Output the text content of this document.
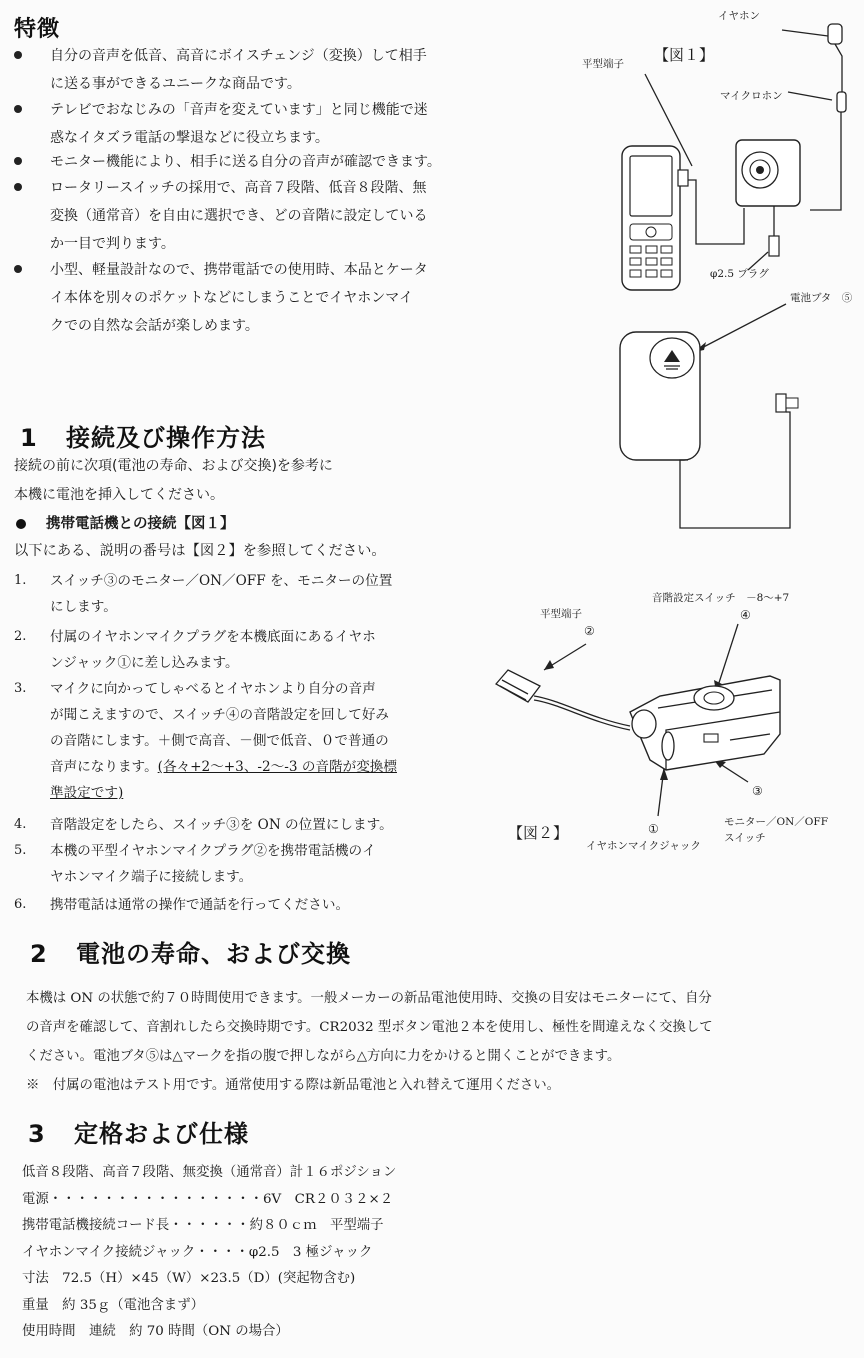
特徴
自分の音声を低音、高音にボイスチェンジ（変換）して相手
に送る事ができるユニークな商品です。
テレビでおなじみの「音声を変えています」と同じ機能で迷
惑なイタズラ電話の撃退などに役立ちます。
モニター機能により、相手に送る自分の音声が確認できます。
ロータリースイッチの採用で、高音７段階、低音８段階、無
変換（通常音）を自由に選択でき、どの音階に設定している
か一目で判ります。
小型、軽量設計なので、携帯電話での使用時、本品とケータ
イ本体を別々のポケットなどにしまうことでイヤホンマイ
クでの自然な会話が楽しめます。
1 接続及び操作方法
接続の前に次項(電池の寿命、および交換)を参考に
本機に電池を挿入してください。
携帯電話機との接続【図１】
以下にある、説明の番号は【図２】を参照してください。
1. スイッチ③のモニター／ON／OFF を、モニターの位置
にします。
2. 付属のイヤホンマイクプラグを本機底面にあるイヤホ
ンジャック①に差し込みます。
3. マイクに向かってしゃべるとイヤホンより自分の音声
が聞こえますので、スイッチ④の音階設定を回して好み
の音階にします。＋側で高音、－側で低音、０で普通の
音声になります。(各々+2～+3、-2～-3 の音階が変換標
準設定です)
4. 音階設定をしたら、スイッチ③を ON の位置にします。
5. 本機の平型イヤホンマイクプラグ②を携帯電話機のイ
ヤホンマイク端子に接続します。
6. 携帯電話は通常の操作で通話を行ってください。
2 電池の寿命、および交換
本機は ON の状態で約７０時間使用できます。一般メーカーの新品電池使用時、交換の目安はモニターにて、自分
の音声を確認して、音割れしたら交換時期です。CR2032 型ボタン電池２本を使用し、極性を間違えなく交換して
ください。電池ブタ⑤は△マークを指の腹で押しながら△方向に力をかけると開くことができます。
※　付属の電池はテスト用です。通常使用する際は新品電池と入れ替えて運用ください。
3 定格および仕様
低音８段階、高音７段階、無変換（通常音）計１６ポジション
電源・・・・・・・・・・・・・・・・6V　CR２０３２×２
携帯電話機接続コード長・・・・・・約８０ｃｍ　平型端子
イヤホンマイク接続ジャック・・・・φ2.5　3 極ジャック
寸法　72.5（H）×45（W）×23.5（D）(突起物含む)
重量　約 35ｇ（電池含まず）
使用時間　連続　約 70 時間（ON の場合）
【図１】
イヤホン
平型端子
マイクロホン
φ2.5 プラグ
電池ブタ　⑤
音階設定スイッチ　－8～+7
④
平型端子
②
③
モニター／ON／OFF
スイッチ
①
イヤホンマイクジャック
【図２】
